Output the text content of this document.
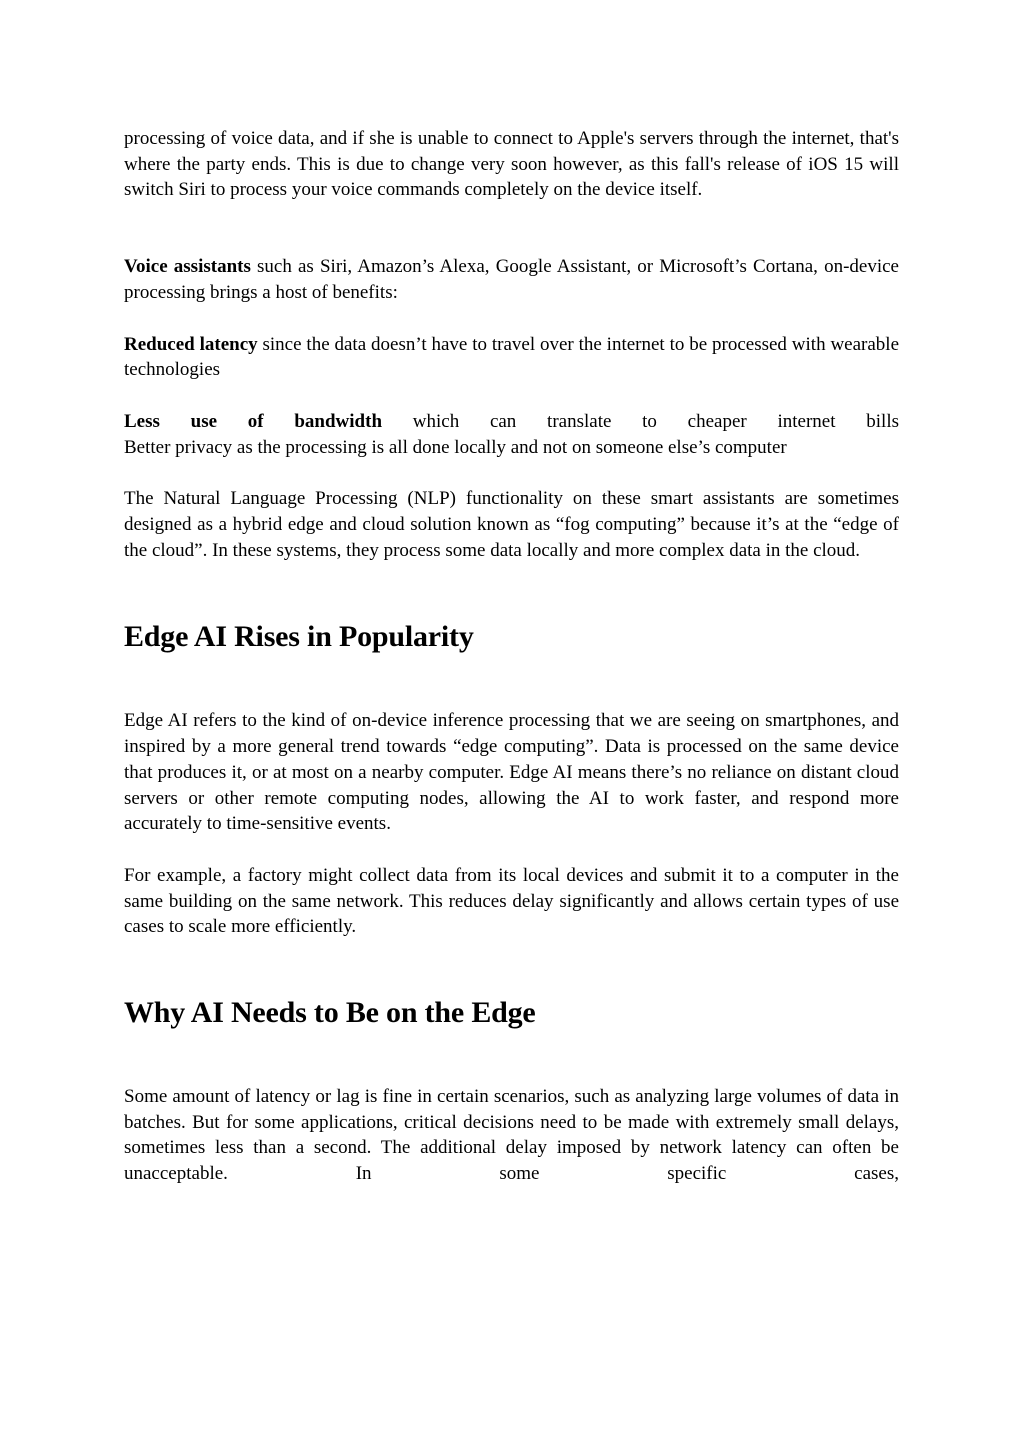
processing of voice data, and if she is unable to connect to Apple's servers through the internet, that's where the party ends. This is due to change very soon however, as this fall's release of iOS 15 will switch Siri to process your voice commands completely on the device itself.

Voice assistants such as Siri, Amazon’s Alexa, Google Assistant, or Microsoft’s Cortana, on-device processing brings a host of benefits:

Reduced latency since the data doesn’t have to travel over the internet to be processed with wearable technologies

Less use of bandwidth which can translate to cheaper internet bills

Better privacy as the processing is all done locally and not on someone else’s computer

The Natural Language Processing (NLP) functionality on these smart assistants are sometimes designed as a hybrid edge and cloud solution known as “fog computing” because it’s at the “edge of the cloud”. In these systems, they process some data locally and more complex data in the cloud.

Edge AI Rises in Popularity

Edge AI refers to the kind of on-device inference processing that we are seeing on smartphones, and inspired by a more general trend towards “edge computing”. Data is processed on the same device that produces it, or at most on a nearby computer. Edge AI means there’s no reliance on distant cloud servers or other remote computing nodes, allowing the AI to work faster, and respond more accurately to time-sensitive events.

For example, a factory might collect data from its local devices and submit it to a computer in the same building on the same network. This reduces delay significantly and allows certain types of use cases to scale more efficiently.

Why AI Needs to Be on the Edge

Some amount of latency or lag is fine in certain scenarios, such as analyzing large volumes of data in batches. But for some applications, critical decisions need to be made with extremely small delays, sometimes less than a second. The additional delay imposed by network latency can often be unacceptable. In some specific cases,
